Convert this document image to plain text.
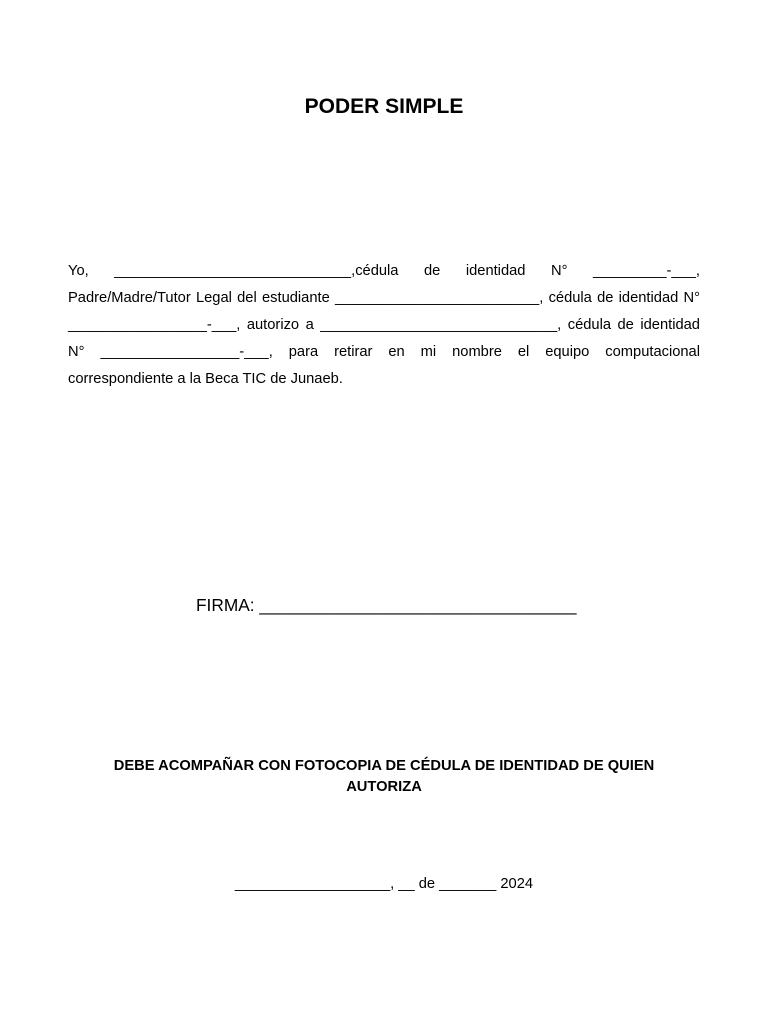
PODER SIMPLE
Yo, _____________________________,cédula de identidad N° _________-___, Padre/Madre/Tutor Legal del estudiante _________________________, cédula de identidad N° _________________-___, autorizo a _____________________________, cédula de identidad N° _________________-___, para retirar en mi nombre el equipo computacional correspondiente a la Beca TIC de Junaeb.
FIRMA: _________________________________
DEBE ACOMPAÑAR CON FOTOCOPIA DE CÉDULA DE IDENTIDAD DE QUIEN AUTORIZA
___________________, __ de _______ 2024
